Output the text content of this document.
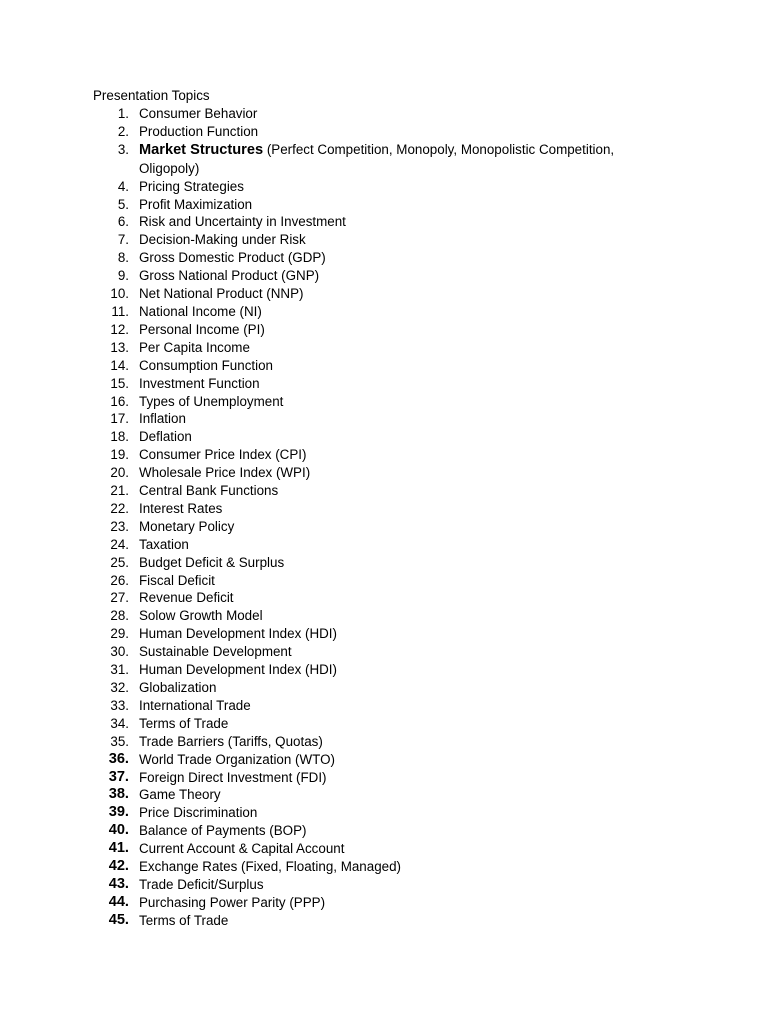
Presentation Topics
1. Consumer Behavior
2. Production Function
3. Market Structures (Perfect Competition, Monopoly, Monopolistic Competition, Oligopoly)
4. Pricing Strategies
5. Profit Maximization
6. Risk and Uncertainty in Investment
7. Decision-Making under Risk
8. Gross Domestic Product (GDP)
9. Gross National Product (GNP)
10. Net National Product (NNP)
11. National Income (NI)
12. Personal Income (PI)
13. Per Capita Income
14. Consumption Function
15. Investment Function
16. Types of Unemployment
17. Inflation
18. Deflation
19. Consumer Price Index (CPI)
20. Wholesale Price Index (WPI)
21. Central Bank Functions
22. Interest Rates
23. Monetary Policy
24. Taxation
25. Budget Deficit & Surplus
26. Fiscal Deficit
27. Revenue Deficit
28. Solow Growth Model
29. Human Development Index (HDI)
30. Sustainable Development
31. Human Development Index (HDI)
32. Globalization
33. International Trade
34. Terms of Trade
35. Trade Barriers (Tariffs, Quotas)
36. World Trade Organization (WTO)
37. Foreign Direct Investment (FDI)
38. Game Theory
39. Price Discrimination
40. Balance of Payments (BOP)
41. Current Account & Capital Account
42. Exchange Rates (Fixed, Floating, Managed)
43. Trade Deficit/Surplus
44. Purchasing Power Parity (PPP)
45. Terms of Trade
